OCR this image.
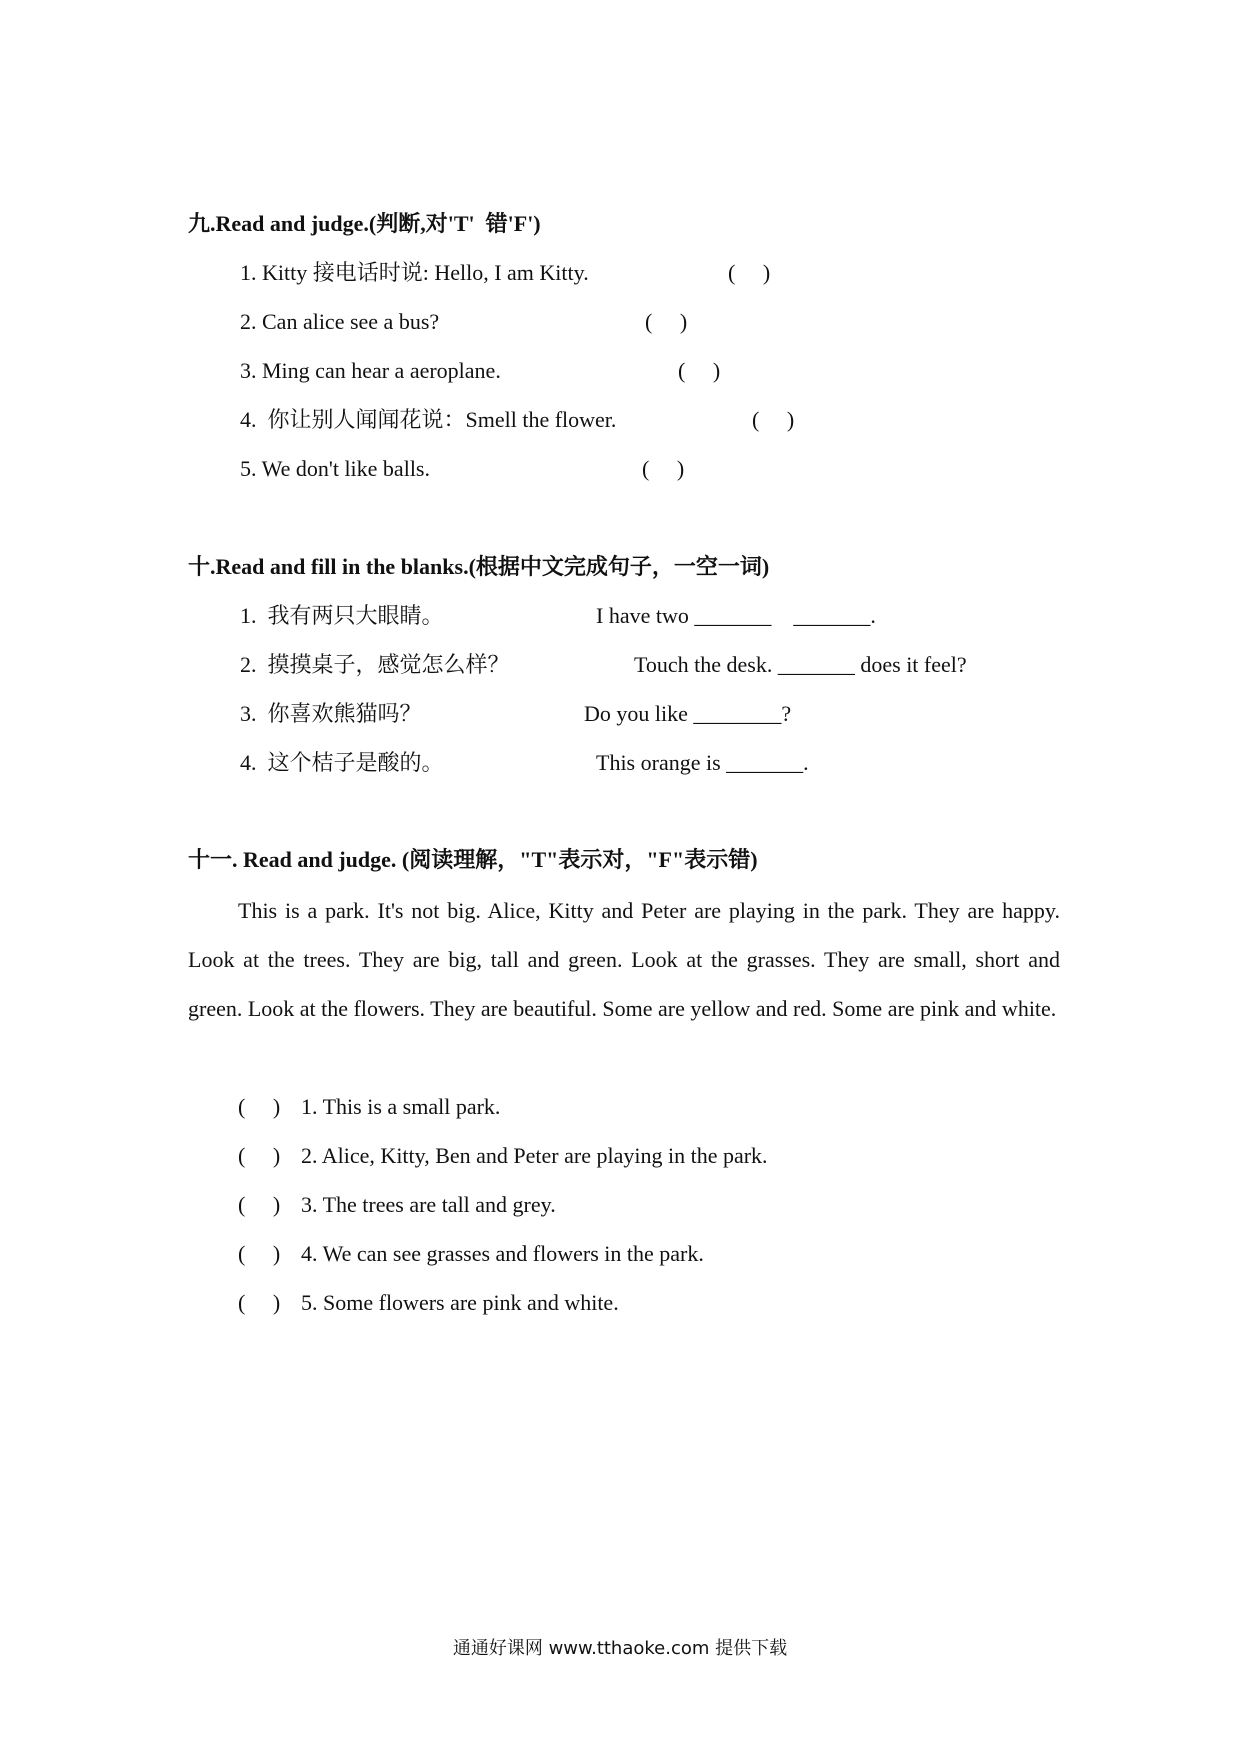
九.Read and judge.(判断,对'T'  错'F')
1. Kitty 接电话时说: Hello, I am Kitty.	(     )
2. Can alice see a bus?	(     )
3. Ming can hear a aeroplane.	(     )
4.  你让别人闻闻花说：Smell the flower.	(     )
5. We don't like balls.	(     )
十.Read and fill in the blanks.(根据中文完成句子，一空一词)
1.  我有两只大眼睛。	I have two _______    _______.
2.  摸摸桌子，感觉怎么样？	Touch the desk. _______ does it feel?
3.  你喜欢熊猫吗？	Do you like ________?
4.  这个桔子是酸的。	This orange is _______.
十一. Read and judge. (阅读理解，"T"表示对，"F"表示错)
This is a park. It's not big. Alice, Kitty and Peter are playing in the park. They are happy. Look at the trees. They are big, tall and green. Look at the grasses. They are small, short and green. Look at the flowers. They are beautiful. Some are yellow and red. Some are pink and white.
(     ) 1. This is a small park.
(     ) 2. Alice, Kitty, Ben and Peter are playing in the park.
(     ) 3. The trees are tall and grey.
(     ) 4. We can see grasses and flowers in the park.
(     ) 5. Some flowers are pink and white.
通通好课网 www.tthaoke.com 提供下载
